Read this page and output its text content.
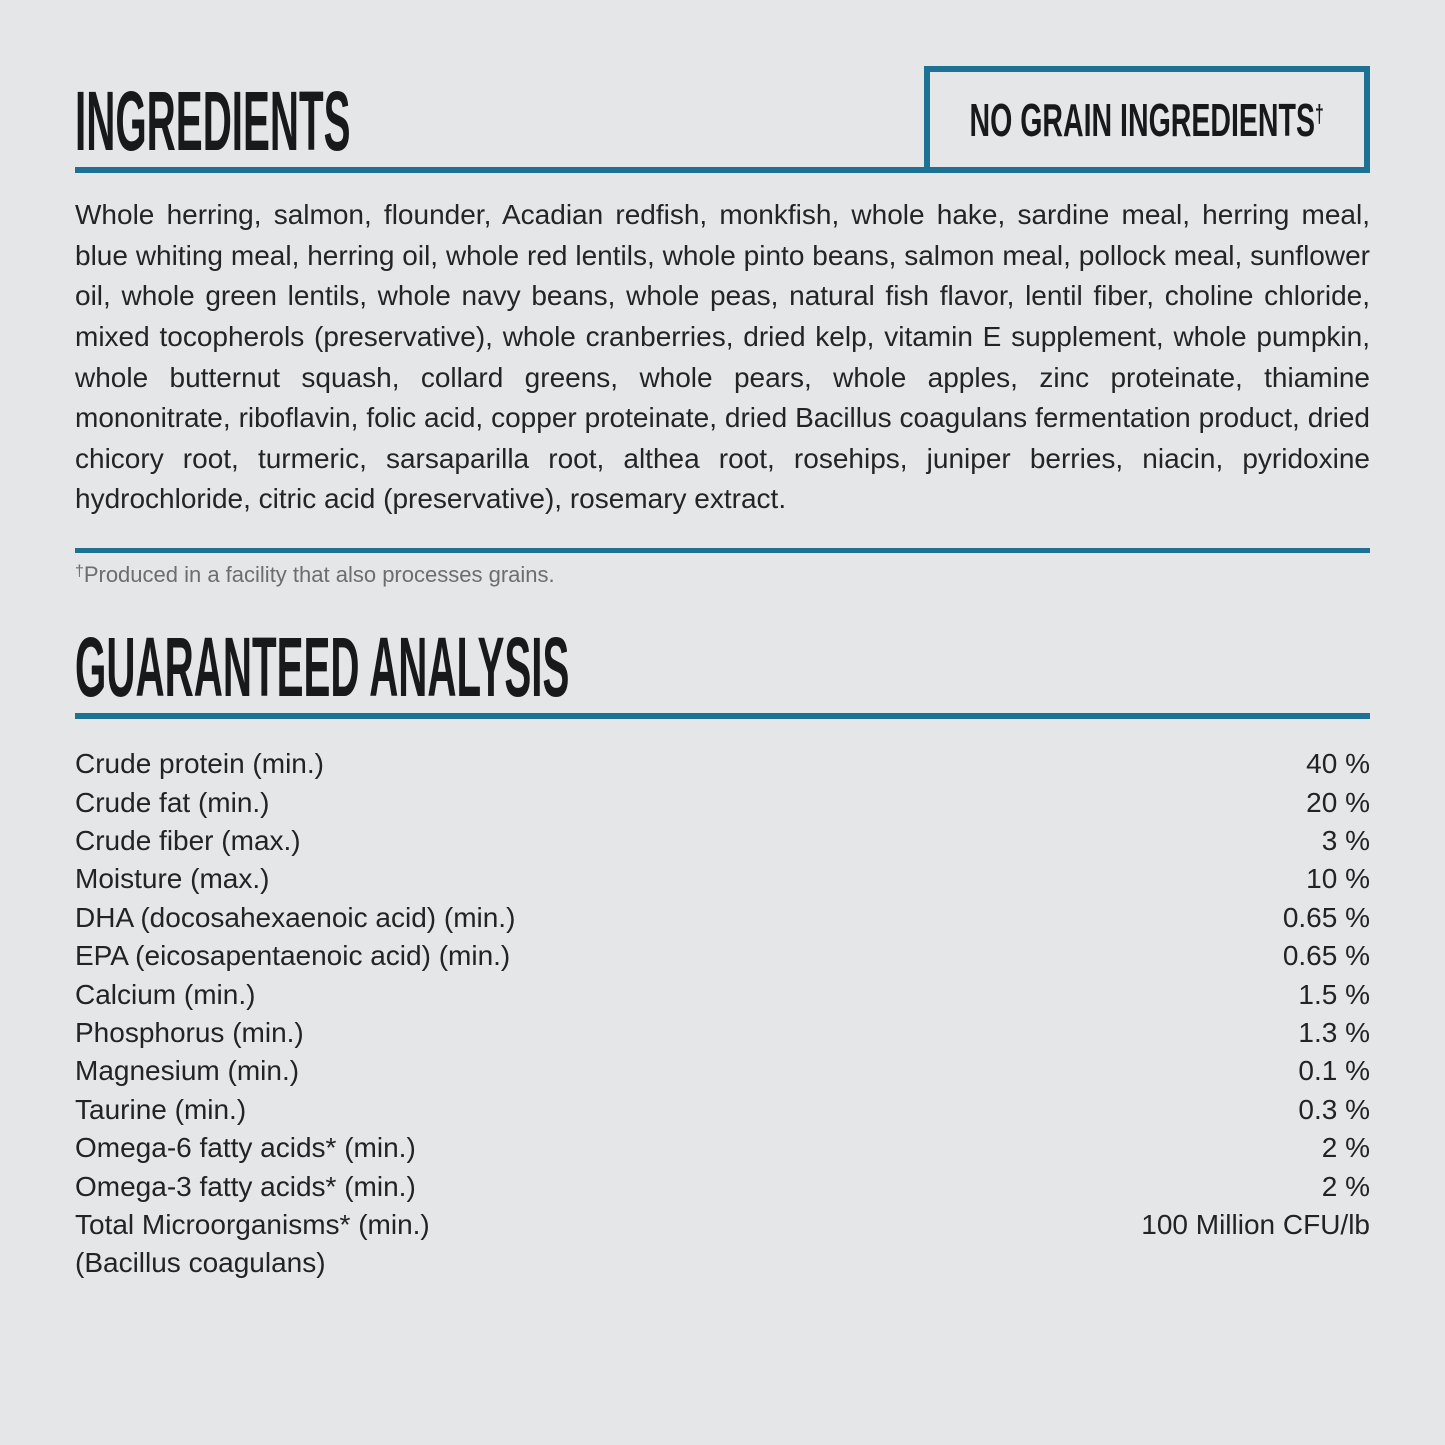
INGREDIENTS	NO GRAIN INGREDIENTS†

Whole herring, salmon, flounder, Acadian redfish, monkfish, whole hake, sardine meal, herring meal, blue whiting meal, herring oil, whole red lentils, whole pinto beans, salmon meal, pollock meal, sunflower oil, whole green lentils, whole navy beans, whole peas, natural fish flavor, lentil fiber, choline chloride, mixed tocopherols (preservative), whole cranberries, dried kelp, vitamin E supplement, whole pumpkin, whole butternut squash, collard greens, whole pears, whole apples, zinc proteinate, thiamine mononitrate, riboflavin, folic acid, copper proteinate, dried Bacillus coagulans fermentation product, dried chicory root, turmeric, sarsaparilla root, althea root, rosehips, juniper berries, niacin, pyridoxine hydrochloride, citric acid (preservative), rosemary extract.

†Produced in a facility that also processes grains.
GUARANTEED ANALYSIS
Crude protein (min.)	40 %
Crude fat (min.)	20 %
Crude fiber (max.)	3 %
Moisture (max.)	10 %
DHA (docosahexaenoic acid) (min.)	0.65 %
EPA (eicosapentaenoic acid) (min.)	0.65 %
Calcium (min.)	1.5 %
Phosphorus (min.)	1.3 %
Magnesium (min.)	0.1 %
Taurine (min.)	0.3 %
Omega-6 fatty acids* (min.)	2 %
Omega-3 fatty acids* (min.)	2 %
Total Microorganisms* (min.)	100 Million CFU/lb
(Bacillus coagulans)
